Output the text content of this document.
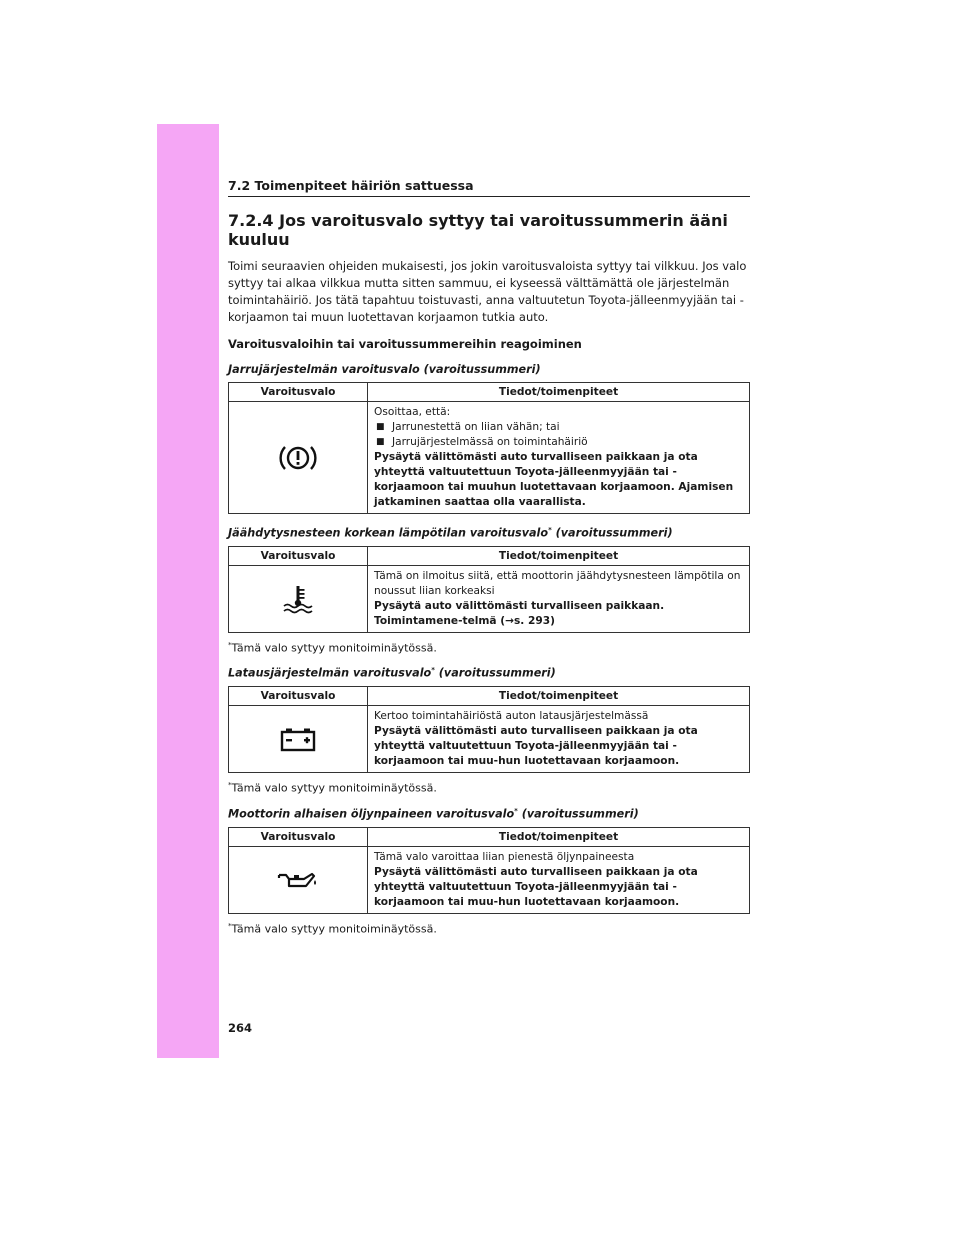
7.2 Toimenpiteet häiriön sattuessa
7.2.4 Jos varoitusvalo syttyy tai varoitussummerin ääni kuuluu

Toimi seuraavien ohjeiden mukaisesti, jos jokin varoitusvaloista syttyy tai vilkkuu. Jos valo syttyy tai alkaa vilkkua mutta sitten sammuu, ei kyseessä välttämättä ole järjestelmän toimintahäiriö. Jos tätä tapahtuu toistuvasti, anna valtuutetun Toyota-jälleenmyyjään tai -korjaamon tai muun luotettavan korjaamon tutkia auto.

Varoitusvaloihin tai varoitussummereihin reagoiminen
Jarrujärjestelmän varoitusvalo (varoitussummeri)
Varoitusvalo	Tiedot/toimenpiteet

Osoittaa, että:
■ Jarrunestettä on liian vähän; tai
■ Jarrujärjestelmässä on toimintahäiriö
Pysäytä välittömästi auto turvalliseen paikkaan ja ota yhteyttä valtuutettuun Toyota-jälleenmyyjään tai -korjaamoon tai muuhun luotettavaan korjaamoon. Ajamisen jatkaminen saattaa olla vaarallista.
Jäähdytysnesteen korkean lämpötilan varoitusvalo* (varoitussummeri)
Varoitusvalo	Tiedot/toimenpiteet

Tämä on ilmoitus siitä, että moottorin jäähdytysnesteen lämpötila on noussut liian korkeaksi
Pysäytä auto välittömästi turvalliseen paikkaan. Toimintamene-telmä (→s. 293)
*Tämä valo syttyy monitoiminäytössä.
Latausjärjestelmän varoitusvalo* (varoitussummeri)
Varoitusvalo	Tiedot/toimenpiteet

Kertoo toimintahäiriöstä auton latausjärjestelmässä
Pysäytä välittömästi auto turvalliseen paikkaan ja ota yhteyttä valtuutettuun Toyota-jälleenmyyjään tai -korjaamoon tai muu-hun luotettavaan korjaamoon.
*Tämä valo syttyy monitoiminäytössä.
Moottorin alhaisen öljynpaineen varoitusvalo* (varoitussummeri)
Varoitusvalo	Tiedot/toimenpiteet

Tämä valo varoittaa liian pienestä öljynpaineesta
Pysäytä välittömästi auto turvalliseen paikkaan ja ota yhteyttä valtuutettuun Toyota-jälleenmyyjään tai -korjaamoon tai muu-hun luotettavaan korjaamoon.
*Tämä valo syttyy monitoiminäytössä.
264
